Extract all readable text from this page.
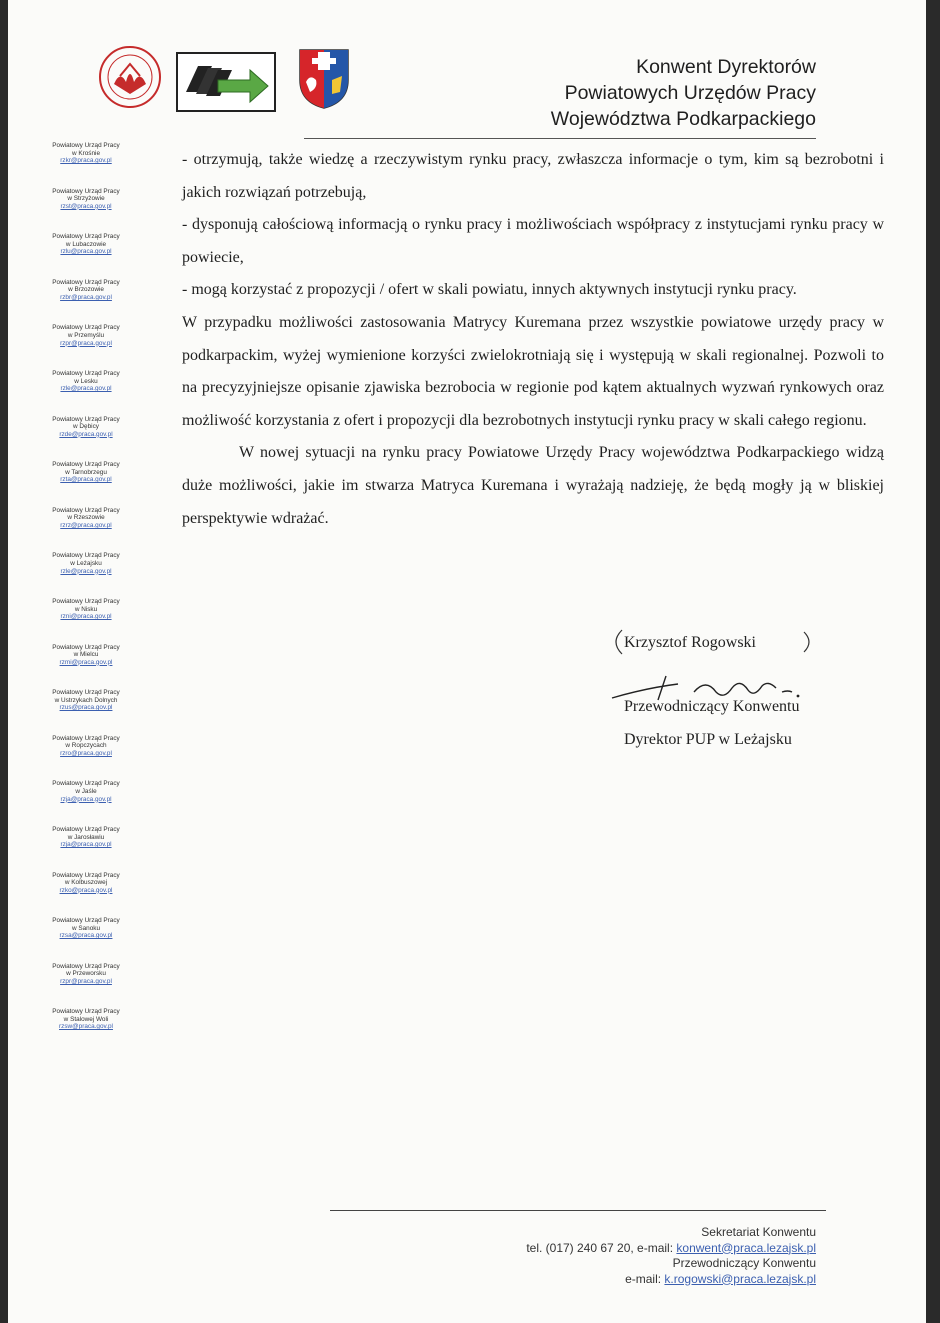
Konwent Dyrektorów
Powiatowych Urzędów Pracy
Województwa Podkarpackiego
Powiatowy Urząd Pracy
w Krośnie
rzkr@praca.gov.pl
Powiatowy Urząd Pracy
w Strzyżowie
rzst@praca.gov.pl
Powiatowy Urząd Pracy
w Lubaczowie
rzlu@praca.gov.pl
Powiatowy Urząd Pracy
w Brzozowie
rzbr@praca.gov.pl
Powiatowy Urząd Pracy
w Przemyślu
rzpr@praca.gov.pl
Powiatowy Urząd Pracy
w Lesku
rzle@praca.gov.pl
Powiatowy Urząd Pracy
w Dębicy
rzde@praca.gov.pl
Powiatowy Urząd Pracy
w Tarnobrzegu
rzta@praca.gov.pl
Powiatowy Urząd Pracy
w Rzeszowie
rzrz@praca.gov.pl
Powiatowy Urząd Pracy
w Leżajsku
rzle@praca.gov.pl
Powiatowy Urząd Pracy
w Nisku
rzni@praca.gov.pl
Powiatowy Urząd Pracy
w Mielcu
rzmi@praca.gov.pl
Powiatowy Urząd Pracy
w Ustrzykach Dolnych
rzus@praca.gov.pl
Powiatowy Urząd Pracy
w Ropczycach
rzro@praca.gov.pl
Powiatowy Urząd Pracy
w Jaśle
rzja@praca.gov.pl
Powiatowy Urząd Pracy
w Jarosławiu
rzja@praca.gov.pl
Powiatowy Urząd Pracy
w Kolbuszowej
rzko@praca.gov.pl
Powiatowy Urząd Pracy
w Sanoku
rzsa@praca.gov.pl
Powiatowy Urząd Pracy
w Przeworsku
rzpr@praca.gov.pl
Powiatowy Urząd Pracy
w Stalowej Woli
rzsw@praca.gov.pl

- otrzymują, także wiedzę a rzeczywistym rynku pracy, zwłaszcza informacje o tym, kim są bezrobotni i jakich rozwiązań potrzebują,

- dysponują całościową informacją o rynku pracy i możliwościach współpracy z instytucjami rynku pracy w powiecie,

- mogą korzystać z propozycji / ofert w skali powiatu, innych aktywnych instytucji rynku pracy.

W przypadku możliwości zastosowania Matrycy Kuremana przez wszystkie powiatowe urzędy pracy w podkarpackim, wyżej wymienione korzyści zwielokrotniają się i występują w skali regionalnej. Pozwoli to na precyzyjniejsze opisanie zjawiska bezrobocia w regionie pod kątem aktualnych wyzwań rynkowych oraz możliwość korzystania z ofert i propozycji dla bezrobotnych instytucji rynku pracy w skali całego regionu.

W nowej sytuacji na rynku pracy Powiatowe Urzędy Pracy województwa Podkarpackiego widzą duże możliwości, jakie im stwarza Matryca Kuremana i wyrażają nadzieję, że będą mogły ją w bliskiej perspektywie wdrażać.

Krzysztof Rogowski
Przewodniczący Konwentu
Dyrektor PUP w Leżajsku
Sekretariat Konwentu
tel. (017) 240 67 20, e-mail: konwent@praca.lezajsk.pl
Przewodniczący Konwentu
e-mail: k.rogowski@praca.lezajsk.pl
